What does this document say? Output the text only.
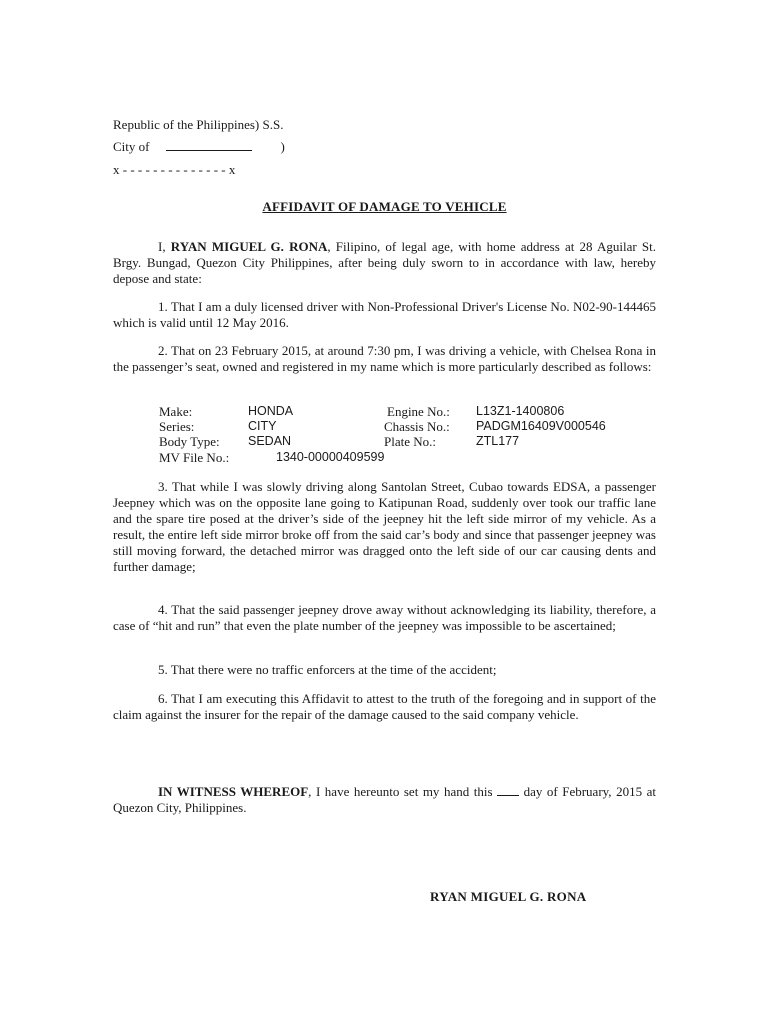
Republic of the Philippines) S.S.
City of	)
x - - - - - - - - - - - - - - x
AFFIDAVIT OF DAMAGE TO VEHICLE

I, RYAN MIGUEL G. RONA, Filipino, of legal age, with home address at 28 Aguilar St. Brgy. Bungad, Quezon City Philippines, after being duly sworn to in accordance with law, hereby depose and state:

1. That I am a duly licensed driver with Non-Professional Driver's License No. N02-90-144465 which is valid until 12 May 2016.

2. That on 23 February 2015, at around 7:30 pm, I was driving a vehicle, with Chelsea Rona in the passenger’s seat, owned and registered in my name which is more particularly described as follows:

Make:	HONDA	Engine No.: L13Z1-1400806
Series:	CITY	Chassis No.: PADGM16409V000546
Body Type: SEDAN	Plate No.:	ZTL177
MV File No.:	1340-00000409599

3. That while I was slowly driving along Santolan Street, Cubao towards EDSA, a passenger Jeepney which was on the opposite lane going to Katipunan Road, suddenly over took our traffic lane and the spare tire posed at the driver’s side of the jeepney hit the left side mirror of my vehicle. As a result, the entire left side mirror broke off from the said car’s body and since that passenger jeepney was still moving forward, the detached mirror was dragged onto the left side of our car causing dents and further damage;

4. That the said passenger jeepney drove away without acknowledging its liability, therefore, a case of “hit and run” that even the plate number of the jeepney was impossible to be ascertained;

5. That there were no traffic enforcers at the time of the accident;

6. That I am executing this Affidavit to attest to the truth of the foregoing and in support of the claim against the insurer for the repair of the damage caused to the said company vehicle.

IN WITNESS WHEREOF, I have hereunto set my hand this  day of February, 2015 at Quezon City, Philippines.

RYAN MIGUEL G. RONA
